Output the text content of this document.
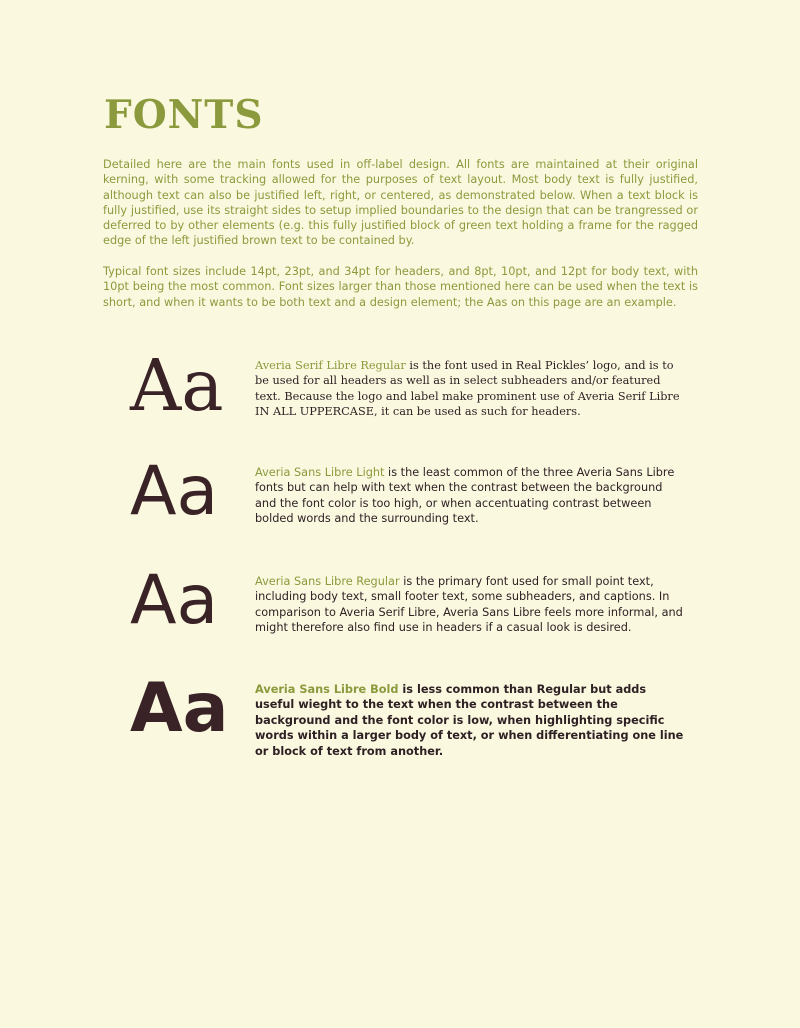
FONTS

Detailed here are the main fonts used in off-label design. All fonts are maintained at their original kerning, with some tracking allowed for the purposes of text layout. Most body text is fully justified, although text can also be justified left, right, or centered, as demonstrated below. When a text block is fully justified, use its straight sides to setup implied boundaries to the design that can be trangressed or deferred to by other elements (e.g. this fully justified block of green text holding a frame for the ragged edge of the left justified brown text to be contained by.

Typical font sizes include 14pt, 23pt, and 34pt for headers, and 8pt, 10pt, and 12pt for body text, with 10pt being the most common. Font sizes larger than those mentioned here can be used when the text is short, and when it wants to be both text and a design element; the Aas on this page are an example.

Aa	Averia Serif Libre Regular is the font used in Real Pickles’ logo, and is to be used for all headers as well as in select subheaders and/or featured text. Because the logo and label make prominent use of Averia Serif Libre IN ALL UPPERCASE, it can be used as such for headers.

Aa	Averia Sans Libre Light is the least common of the three Averia Sans Libre fonts but can help with text when the contrast between the background and the font color is too high, or when accentuating contrast between bolded words and the surrounding text.

Aa	Averia Sans Libre Regular is the primary font used for small point text, including body text, small footer text, some subheaders, and captions. In comparison to Averia Serif Libre, Averia Sans Libre feels more informal, and might therefore also find use in headers if a casual look is desired.

Aa	Averia Sans Libre Bold is less common than Regular but adds useful wieght to the text when the contrast between the background and the font color is low, when highlighting specific words within a larger body of text, or when differentiating one line or block of text from another.
